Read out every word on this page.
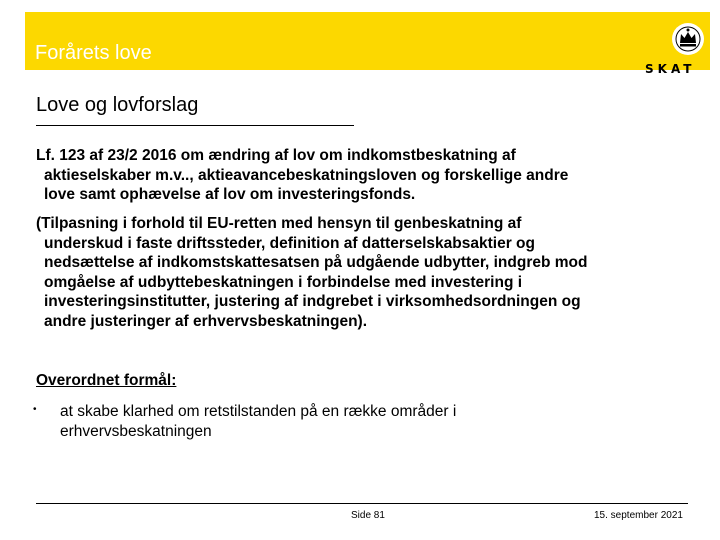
Forårets love
SKAT
Love og lovforslag
Lf. 123 af 23/2 2016 om ændring af lov om indkomstbeskatning af
aktieselskaber m.v.., aktieavancebeskatningsloven og forskellige andre
love samt ophævelse af lov om investeringsfonds.
(Tilpasning i forhold til EU-retten med hensyn til genbeskatning af
underskud i faste driftssteder, definition af datterselskabsaktier og
nedsættelse af indkomstskattesatsen på udgående udbytter, indgreb mod
omgåelse af udbyttebeskatningen i forbindelse med investering i
investeringsinstitutter, justering af indgrebet i virksomhedsordningen og
andre justeringer af erhvervsbeskatningen).
Overordnet formål:
• at skabe klarhed om retstilstanden på en række områder i
erhvervsbeskatningen
Side 81	15. september 2021
